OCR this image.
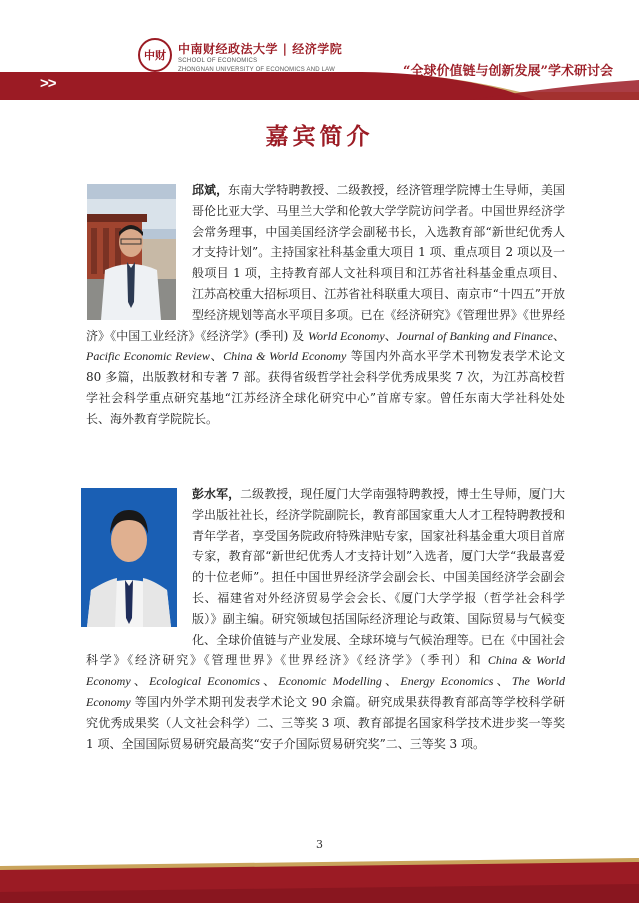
中财	中南财经政法大学 | 经济学院
SCHOOL OF ECONOMICS
ZHONGNAN UNIVERSITY OF ECONOMICS AND LAW	“全球价值链与创新发展”学术研讨会
>>
嘉宾简介
邱斌，东南大学特聘教授、二级教授，经济管理学院博士生导师，美国哥伦比亚大学、马里兰大学和伦敦大学学院访问学者。中国世界经济学会常务理事，中国美国经济学会副秘书长，入选教育部“新世纪优秀人才支持计划”。主持国家社科基金重大项目 1 项、重点项目 2 项以及一般项目 1 项，主持教育部人文社科项目和江苏省社科基金重点项目、江苏高校重大招标项目、江苏省社科联重大项目、南京市“十四五”开放型经济规划等高水平项目多项。已在《经济研究》《管理世界》《世界经济》《中国工业经济》《经济学》(季刊) 及 World Economy、Journal of Banking and Finance、Pacific Economic Review、China & World Economy 等国内外高水平学术刊物发表学术论文 80 多篇，出版教材和专著 7 部。获得省级哲学社会科学优秀成果奖 7 次，为江苏高校哲学社会科学重点研究基地“江苏经济全球化研究中心”首席专家。曾任东南大学社科处处长、海外教育学院院长。
彭水军，二级教授，现任厦门大学南强特聘教授，博士生导师，厦门大学出版社社长，经济学院副院长，教育部国家重大人才工程特聘教授和青年学者，享受国务院政府特殊津贴专家，国家社科基金重大项目首席专家，教育部“新世纪优秀人才支持计划”入选者，厦门大学“我最喜爱的十位老师”。担任中国世界经济学会副会长、中国美国经济学会副会长、福建省对外经济贸易学会会长、《厦门大学学报（哲学社会科学版）》副主编。研究领域包括国际经济理论与政策、国际贸易与气候变化、全球价值链与产业发展、全球环境与气候治理等。已在《中国社会科学》《经济研究》《管理世界》《世界经济》《经济学》（季刊）和 China & World Economy、Ecological Economics、Economic Modelling、Energy Economics、The World Economy 等国内外学术期刊发表学术论文 90 余篇。研究成果获得教育部高等学校科学研究优秀成果奖（人文社会科学）二、三等奖 3 项、教育部提名国家科学技术进步奖一等奖 1 项、全国国际贸易研究最高奖“安子介国际贸易研究奖”二、三等奖 3 项。
3
